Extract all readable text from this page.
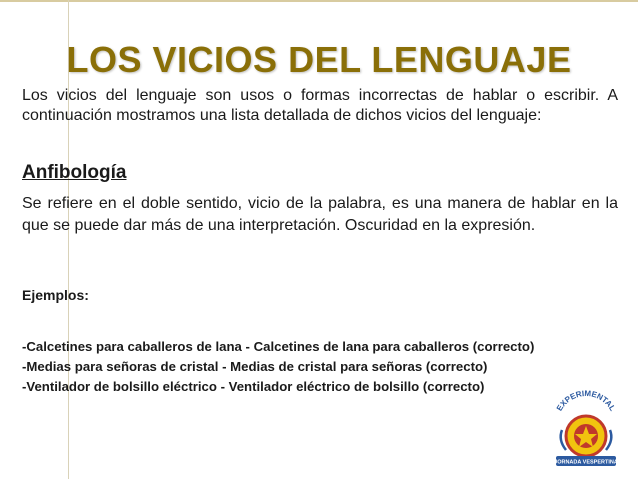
LOS VICIOS DEL LENGUAJE

Los vicios del lenguaje son usos o formas incorrectas de hablar o escribir. A continuación mostramos una lista detallada de dichos vicios del lenguaje:

Anfibología

Se refiere en el doble sentido, vicio de la palabra, es una manera de hablar en la que se puede dar más de una interpretación. Oscuridad en la expresión.

Ejemplos:

-Calcetines para caballeros de lana - Calcetines de lana para caballeros (correcto)
-Medias para señoras de cristal - Medias de cristal para señoras (correcto)
-Ventilador de bolsillo eléctrico - Ventilador eléctrico de bolsillo (correcto)
EXPERIMENTAL
JORNADA VESPERTINA
